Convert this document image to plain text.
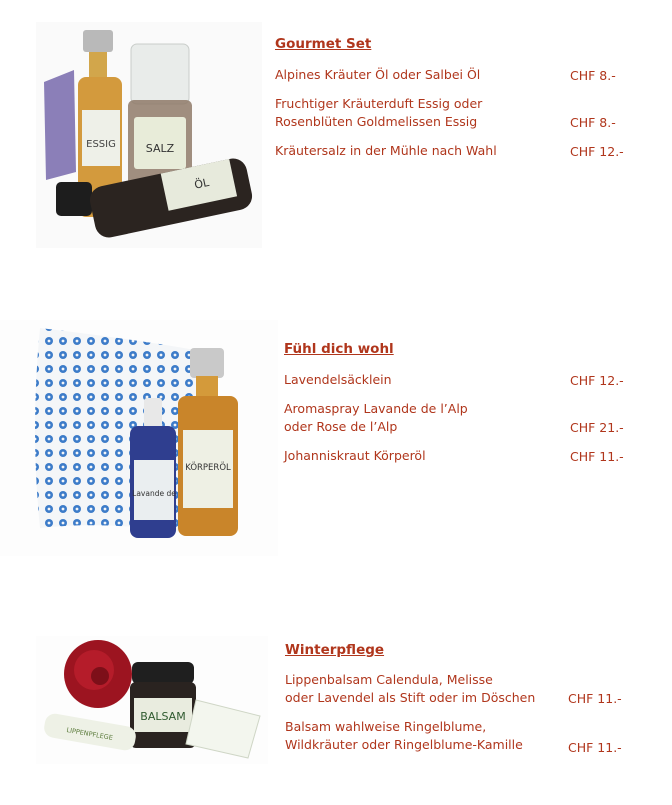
SALZ
ESSIG
ÖL
Gourmet Set
Alpines Kräuter Öl oder Salbei Öl	CHF 8.-
Fruchtiger Kräuterduft Essig oder
Rosenblüten Goldmelissen Essig	CHF 8.-
Kräutersalz in der Mühle nach Wahl	CHF 12.-
KÖRPERÖL
Lavande de
Fühl dich wohl
Lavendelsäcklein	CHF 12.-
Aromaspray Lavande de l’Alp
oder Rose de l’Alp	CHF 21.-
Johanniskraut Körperöl	CHF 11.-
BALSAM
LIPPENPFLEGE
Winterpflege
Lippenbalsam Calendula, Melisse
oder Lavendel als Stift oder im Döschen	CHF 11.-
Balsam wahlweise Ringelblume,
Wildkräuter oder Ringelblume-Kamille	CHF 11.-
